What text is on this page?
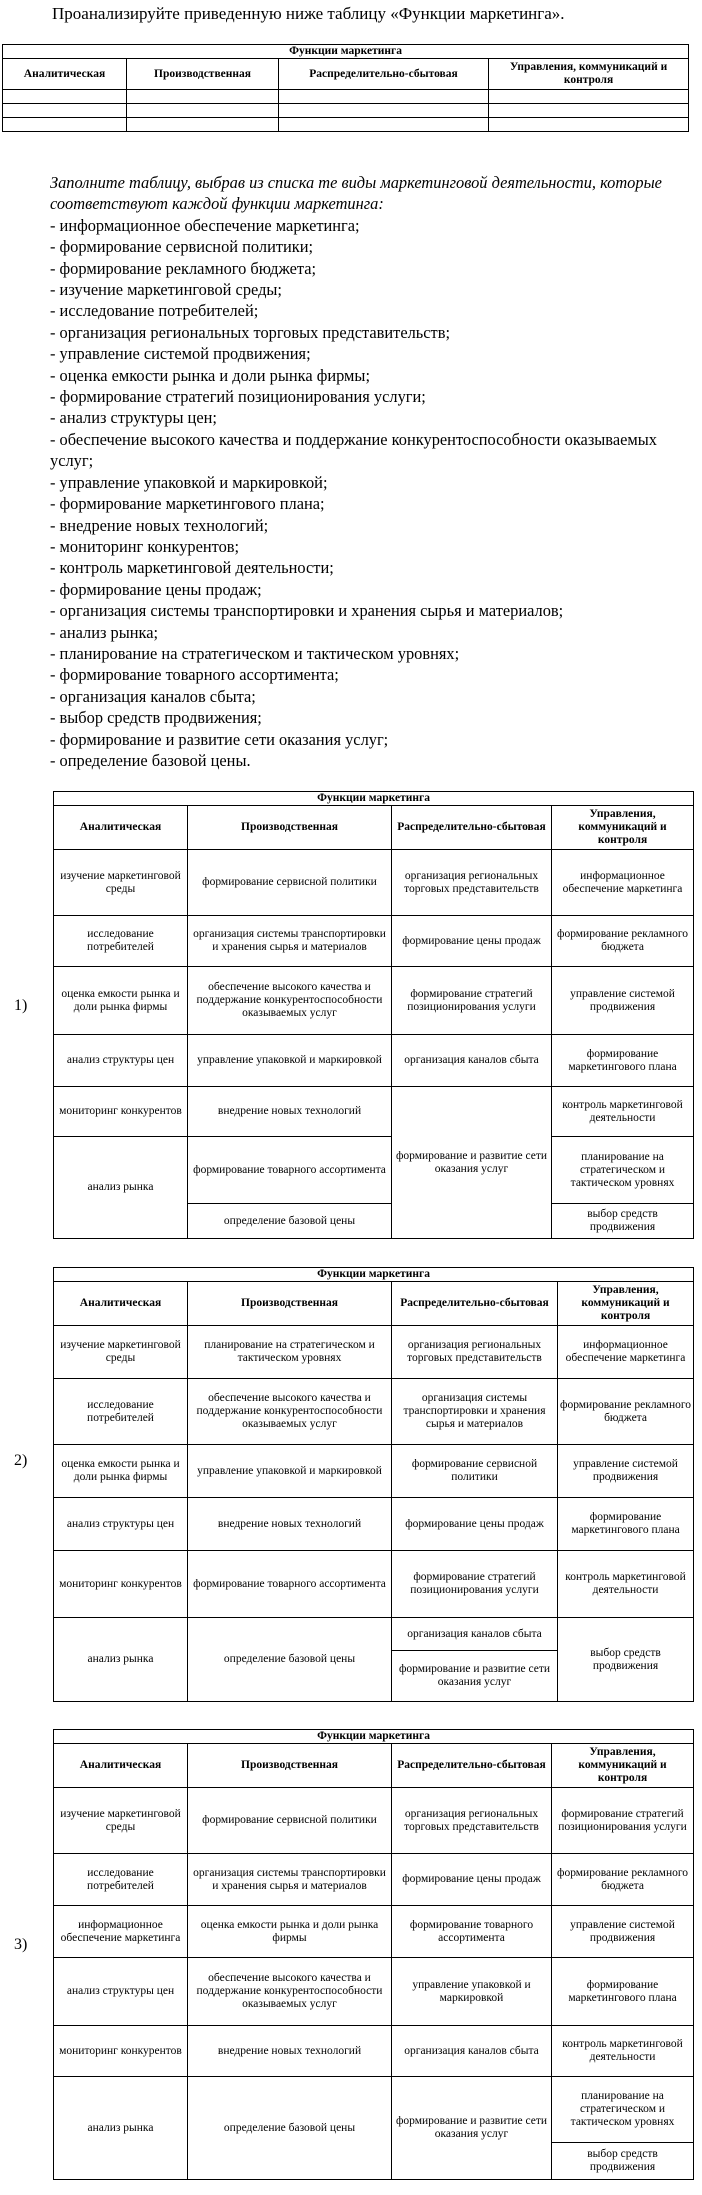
Проанализируйте приведенную ниже таблицу «Функции маркетинга».
Функции маркетинга			
Аналитическая	Производственная	Распределительно-сбытовая	Управления, коммуникаций и контроля

Заполните таблицу, выбрав из списка те виды маркетинговой деятельности, которые соответствуют каждой функции маркетинга:
- информационное обеспечение маркетинга;
- формирование сервисной политики;
- формирование рекламного бюджета;
- изучение маркетинговой среды;
- исследование потребителей;
- организация региональных торговых представительств;
- управление системой продвижения;
- оценка емкости рынка и доли рынка фирмы;
- формирование стратегий позиционирования услуги;
- анализ структуры цен;
- обеспечение высокого качества и поддержание конкурентоспособности оказываемых услуг;
- управление упаковкой и маркировкой;
- формирование маркетингового плана;
- внедрение новых технологий;
- мониторинг конкурентов;
- контроль маркетинговой деятельности;
- формирование цены продаж;
- организация системы транспортировки и хранения сырья и материалов;
- анализ рынка;
- планирование на стратегическом и тактическом уровнях;
- формирование товарного ассортимента;
- организация каналов сбыта;
- выбор средств продвижения;
- формирование и развитие сети оказания услуг;
- определение базовой цены.
1)
Функции маркетинга			
Аналитическая	Производственная	Распределительно-сбытовая	Управления, коммуникаций и контроля
изучение маркетинговой среды	формирование сервисной политики	организация региональных торговых представительств	информационное обеспечение маркетинга
исследование потребителей	организация системы транспортировки и хранения сырья и материалов	формирование цены продаж	формирование рекламного бюджета
оценка емкости рынка и доли рынка фирмы	обеспечение высокого качества и поддержание конкурентоспособности оказываемых услуг	формирование стратегий позиционирования услуги	управление системой продвижения
анализ структуры цен	управление упаковкой и маркировкой	организация каналов сбыта	формирование маркетингового плана
мониторинг конкурентов	внедрение новых технологий	формирование и развитие сети оказания услуг	контроль маркетинговой деятельности
анализ рынка	формирование товарного ассортимента		планирование на стратегическом и тактическом уровнях
	определение базовой цены		выбор средств продвижения
2)
Функции маркетинга			
Аналитическая	Производственная	Распределительно-сбытовая	Управления, коммуникаций и контроля
изучение маркетинговой среды	планирование на стратегическом и тактическом уровнях	организация региональных торговых представительств	информационное обеспечение маркетинга
исследование потребителей	обеспечение высокого качества и поддержание конкурентоспособности оказываемых услуг	организация системы транспортировки и хранения сырья и материалов	формирование рекламного бюджета
оценка емкости рынка и доли рынка фирмы	управление упаковкой и маркировкой	формирование сервисной политики	управление системой продвижения
анализ структуры цен	внедрение новых технологий	формирование цены продаж	формирование маркетингового плана
мониторинг конкурентов	формирование товарного ассортимента	формирование стратегий позиционирования услуги	контроль маркетинговой деятельности
анализ рынка	определение базовой цены	организация каналов сбыта	выбор средств продвижения
		формирование и развитие сети оказания услуг	
3)
Функции маркетинга			
Аналитическая	Производственная	Распределительно-сбытовая	Управления, коммуникаций и контроля
изучение маркетинговой среды	формирование сервисной политики	организация региональных торговых представительств	формирование стратегий позиционирования услуги
исследование потребителей	организация системы транспортировки и хранения сырья и материалов	формирование цены продаж	формирование рекламного бюджета
информационное обеспечение маркетинга	оценка емкости рынка и доли рынка фирмы	формирование товарного ассортимента	управление системой продвижения
анализ структуры цен	обеспечение высокого качества и поддержание конкурентоспособности оказываемых услуг	управление упаковкой и маркировкой	формирование маркетингового плана
мониторинг конкурентов	внедрение новых технологий	организация каналов сбыта	контроль маркетинговой деятельности
анализ рынка	определение базовой цены	формирование и развитие сети оказания услуг	планирование на стратегическом и тактическом уровнях
			выбор средств продвижения
